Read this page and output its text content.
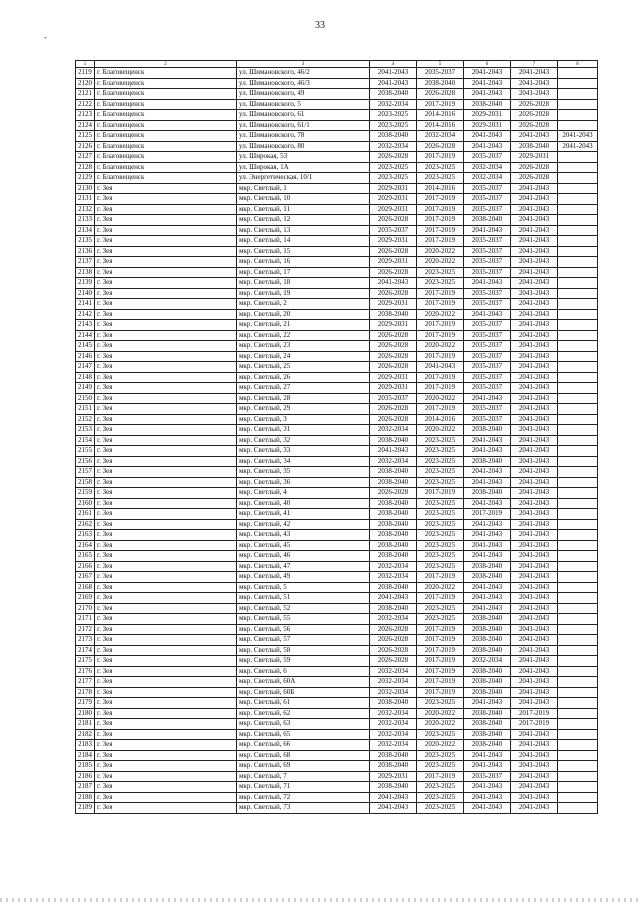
33
-
1	2	3	4	5	6	7	8
2119	г. Благовещенск	ул. Шимановского, 46/2	2041-2043	2035-2037	2041-2043	2041-2043	
2120	г. Благовещенск	ул. Шимановского, 46/3	2041-2043	2038-2040	2041-2043	2041-2043	
2121	г. Благовещенск	ул. Шимановского, 49	2038-2040	2026-2028	2041-2043	2041-2043	
2122	г. Благовещенск	ул. Шимановского, 5	2032-2034	2017-2019	2038-2040	2026-2028	
2123	г. Благовещенск	ул. Шимановского, 61	2023-2025	2014-2016	2029-2031	2026-2028	
2124	г. Благовещенск	ул. Шимановского, 61/1	2023-2025	2014-2016	2029-2031	2026-2028	
2125	г. Благовещенск	ул. Шимановского, 78	2038-2040	2032-2034	2041-2043	2041-2043	2041-2043
2126	г. Благовещенск	ул. Шимановского, 80	2032-2034	2026-2028	2041-2043	2038-2040	2041-2043
2127	г. Благовещенск	ул. Широкая, 53	2026-2028	2017-2019	2035-2037	2029-2031	
2128	г. Благовещенск	ул. Широкая, 1А	2023-2025	2023-2025	2032-2034	2026-2028	
2129	г. Благовещенск	ул. Энергетическая, 10/1	2023-2025	2023-2025	2032-2034	2026-2028	
2130	г. Зея	мкр. Светлый, 1	2029-2031	2014-2016	2035-2037	2041-2043	
2131	г. Зея	мкр. Светлый, 10	2029-2031	2017-2019	2035-2037	2041-2043	
2132	г. Зея	мкр. Светлый, 11	2029-2031	2017-2019	2035-2037	2041-2043	
2133	г. Зея	мкр. Светлый, 12	2026-2028	2017-2019	2038-2040	2041-2043	
2134	г. Зея	мкр. Светлый, 13	2035-2037	2017-2019	2041-2043	2041-2043	
2135	г. Зея	мкр. Светлый, 14	2029-2031	2017-2019	2035-2037	2041-2043	
2136	г. Зея	мкр. Светлый, 15	2026-2028	2020-2022	2035-2037	2041-2043	
2137	г. Зея	мкр. Светлый, 16	2029-2031	2020-2022	2035-2037	2041-2043	
2138	г. Зея	мкр. Светлый, 17	2026-2028	2023-2025	2035-2037	2041-2043	
2139	г. Зея	мкр. Светлый, 18	2041-2043	2023-2025	2041-2043	2041-2043	
2140	г. Зея	мкр. Светлый, 19	2026-2028	2017-2019	2035-2037	2041-2043	
2141	г. Зея	мкр. Светлый, 2	2029-2031	2017-2019	2035-2037	2041-2043	
2142	г. Зея	мкр. Светлый, 20	2038-2040	2020-2022	2041-2043	2041-2043	
2143	г. Зея	мкр. Светлый, 21	2029-2031	2017-2019	2035-2037	2041-2043	
2144	г. Зея	мкр. Светлый, 22	2026-2028	2017-2019	2035-2037	2041-2043	
2145	г. Зея	мкр. Светлый, 23	2026-2028	2020-2022	2035-2037	2041-2043	
2146	г. Зея	мкр. Светлый, 24	2026-2028	2017-2019	2035-2037	2041-2043	
2147	г. Зея	мкр. Светлый, 25	2026-2028	2041-2043	2035-2037	2041-2043	
2148	г. Зея	мкр. Светлый, 26	2029-2031	2017-2019	2035-2037	2041-2043	
2149	г. Зея	мкр. Светлый, 27	2029-2031	2017-2019	2035-2037	2041-2043	
2150	г. Зея	мкр. Светлый, 28	2035-2037	2020-2022	2041-2043	2041-2043	
2151	г. Зея	мкр. Светлый, 29	2026-2028	2017-2019	2035-2037	2041-2043	
2152	г. Зея	мкр. Светлый, 3	2026-2028	2014-2016	2035-2037	2041-2043	
2153	г. Зея	мкр. Светлый, 31	2032-2034	2020-2022	2038-2040	2041-2043	
2154	г. Зея	мкр. Светлый, 32	2038-2040	2023-2025	2041-2043	2041-2043	
2155	г. Зея	мкр. Светлый, 33	2041-2043	2023-2025	2041-2043	2041-2043	
2156	г. Зея	мкр. Светлый, 34	2032-2034	2023-2025	2038-2040	2041-2043	
2157	г. Зея	мкр. Светлый, 35	2038-2040	2023-2025	2041-2043	2041-2043	
2158	г. Зея	мкр. Светлый, 36	2038-2040	2023-2025	2041-2043	2041-2043	
2159	г. Зея	мкр. Светлый, 4	2026-2028	2017-2019	2038-2040	2041-2043	
2160	г. Зея	мкр. Светлый, 40	2038-2040	2023-2025	2041-2043	2041-2043	
2161	г. Зея	мкр. Светлый, 41	2038-2040	2023-2025	2017-2019	2041-2043	
2162	г. Зея	мкр. Светлый, 42	2038-2040	2023-2025	2041-2043	2041-2043	
2163	г. Зея	мкр. Светлый, 43	2038-2040	2023-2025	2041-2043	2041-2043	
2164	г. Зея	мкр. Светлый, 45	2038-2040	2023-2025	2041-2043	2041-2043	
2165	г. Зея	мкр. Светлый, 46	2038-2040	2023-2025	2041-2043	2041-2043	
2166	г. Зея	мкр. Светлый, 47	2032-2034	2023-2025	2038-2040	2041-2043	
2167	г. Зея	мкр. Светлый, 49	2032-2034	2017-2019	2038-2040	2041-2043	
2168	г. Зея	мкр. Светлый, 5	2038-2040	2020-2022	2041-2043	2041-2043	
2169	г. Зея	мкр. Светлый, 51	2041-2043	2017-2019	2041-2043	2041-2043	
2170	г. Зея	мкр. Светлый, 52	2038-2040	2023-2025	2041-2043	2041-2043	
2171	г. Зея	мкр. Светлый, 55	2032-2034	2023-2025	2038-2040	2041-2043	
2172	г. Зея	мкр. Светлый, 56	2026-2028	2017-2019	2038-2040	2041-2043	
2173	г. Зея	мкр. Светлый, 57	2026-2028	2017-2019	2038-2040	2041-2043	
2174	г. Зея	мкр. Светлый, 58	2026-2028	2017-2019	2038-2040	2041-2043	
2175	г. Зея	мкр. Светлый, 59	2026-2028	2017-2019	2032-2034	2041-2043	
2176	г. Зея	мкр. Светлый, 6	2032-2034	2017-2019	2038-2040	2041-2043	
2177	г. Зея	мкр. Светлый, 60А	2032-2034	2017-2019	2038-2040	2041-2043	
2178	г. Зея	мкр. Светлый, 60Б	2032-2034	2017-2019	2038-2040	2041-2043	
2179	г. Зея	мкр. Светлый, 61	2038-2040	2023-2025	2041-2043	2041-2043	
2180	г. Зея	мкр. Светлый, 62	2032-2034	2020-2022	2038-2040	2017-2019	
2181	г. Зея	мкр. Светлый, 63	2032-2034	2020-2022	2038-2040	2017-2019	
2182	г. Зея	мкр. Светлый, 65	2032-2034	2023-2025	2038-2040	2041-2043	
2183	г. Зея	мкр. Светлый, 66	2032-2034	2020-2022	2038-2040	2041-2043	
2184	г. Зея	мкр. Светлый, 68	2038-2040	2023-2025	2041-2043	2041-2043	
2185	г. Зея	мкр. Светлый, 69	2038-2040	2023-2025	2041-2043	2041-2043	
2186	г. Зея	мкр. Светлый, 7	2029-2031	2017-2019	2035-2037	2041-2043	
2187	г. Зея	мкр. Светлый, 71	2038-2040	2023-2025	2041-2043	2041-2043	
2188	г. Зея	мкр. Светлый, 72	2041-2043	2023-2025	2041-2043	2041-2043	
2189	г. Зея	мкр. Светлый, 73	2041-2043	2023-2025	2041-2043	2041-2043	
